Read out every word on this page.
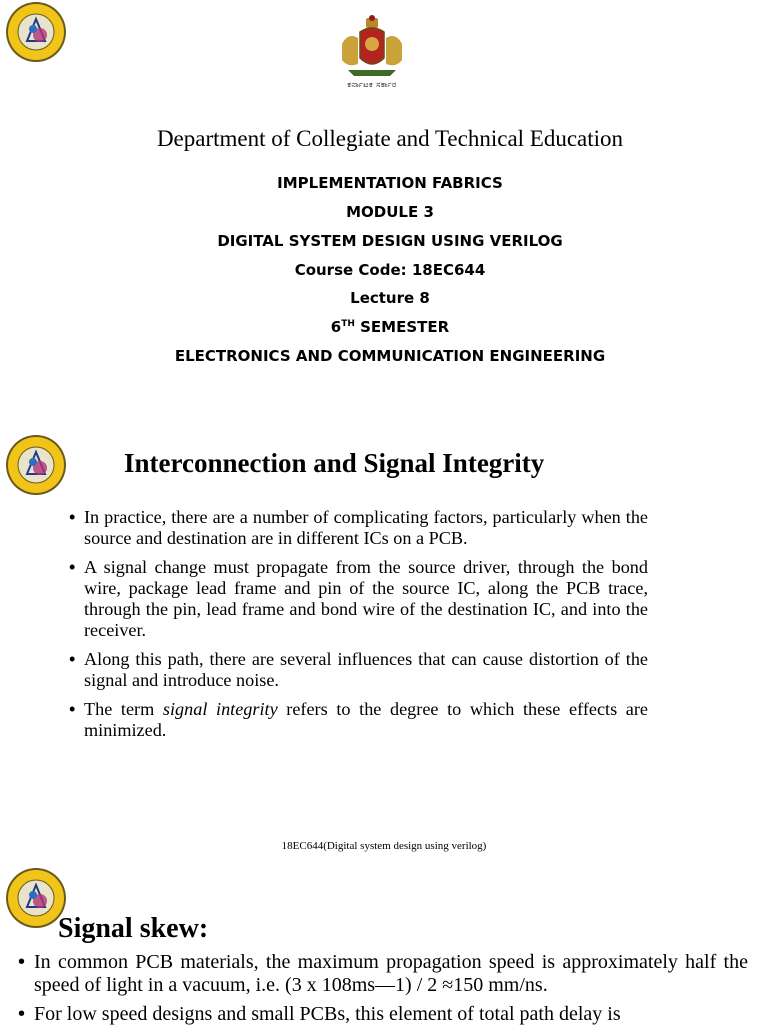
ಕರ್ನಾಟಕ ಸರ್ಕಾರ
Department of Collegiate and Technical Education
IMPLEMENTATION FABRICS
MODULE 3
DIGITAL SYSTEM DESIGN USING VERILOG
Course Code: 18EC644
Lecture 8
6TH SEMESTER
ELECTRONICS AND COMMUNICATION ENGINEERING
Interconnection and Signal Integrity
• In practice, there are a number of complicating factors, particularly when the source and destination are in different ICs on a PCB.
• A signal change must propagate from the source driver, through the bond wire, package lead frame and pin of the source IC, along the PCB trace, through the pin, lead frame and bond wire of the destination IC, and into the receiver.
• Along this path, there are several influences that can cause distortion of the signal and introduce noise.
• The term signal integrity refers to the degree to which these effects are minimized.
18EC644(Digital system design using verilog)
Signal skew:
• In common PCB materials, the maximum propagation speed is approximately half the speed of light in a vacuum, i.e. (3 x 108ms—1) / 2 ≈150 mm/ns.
• For low speed designs and small PCBs, this element of total path delay is
